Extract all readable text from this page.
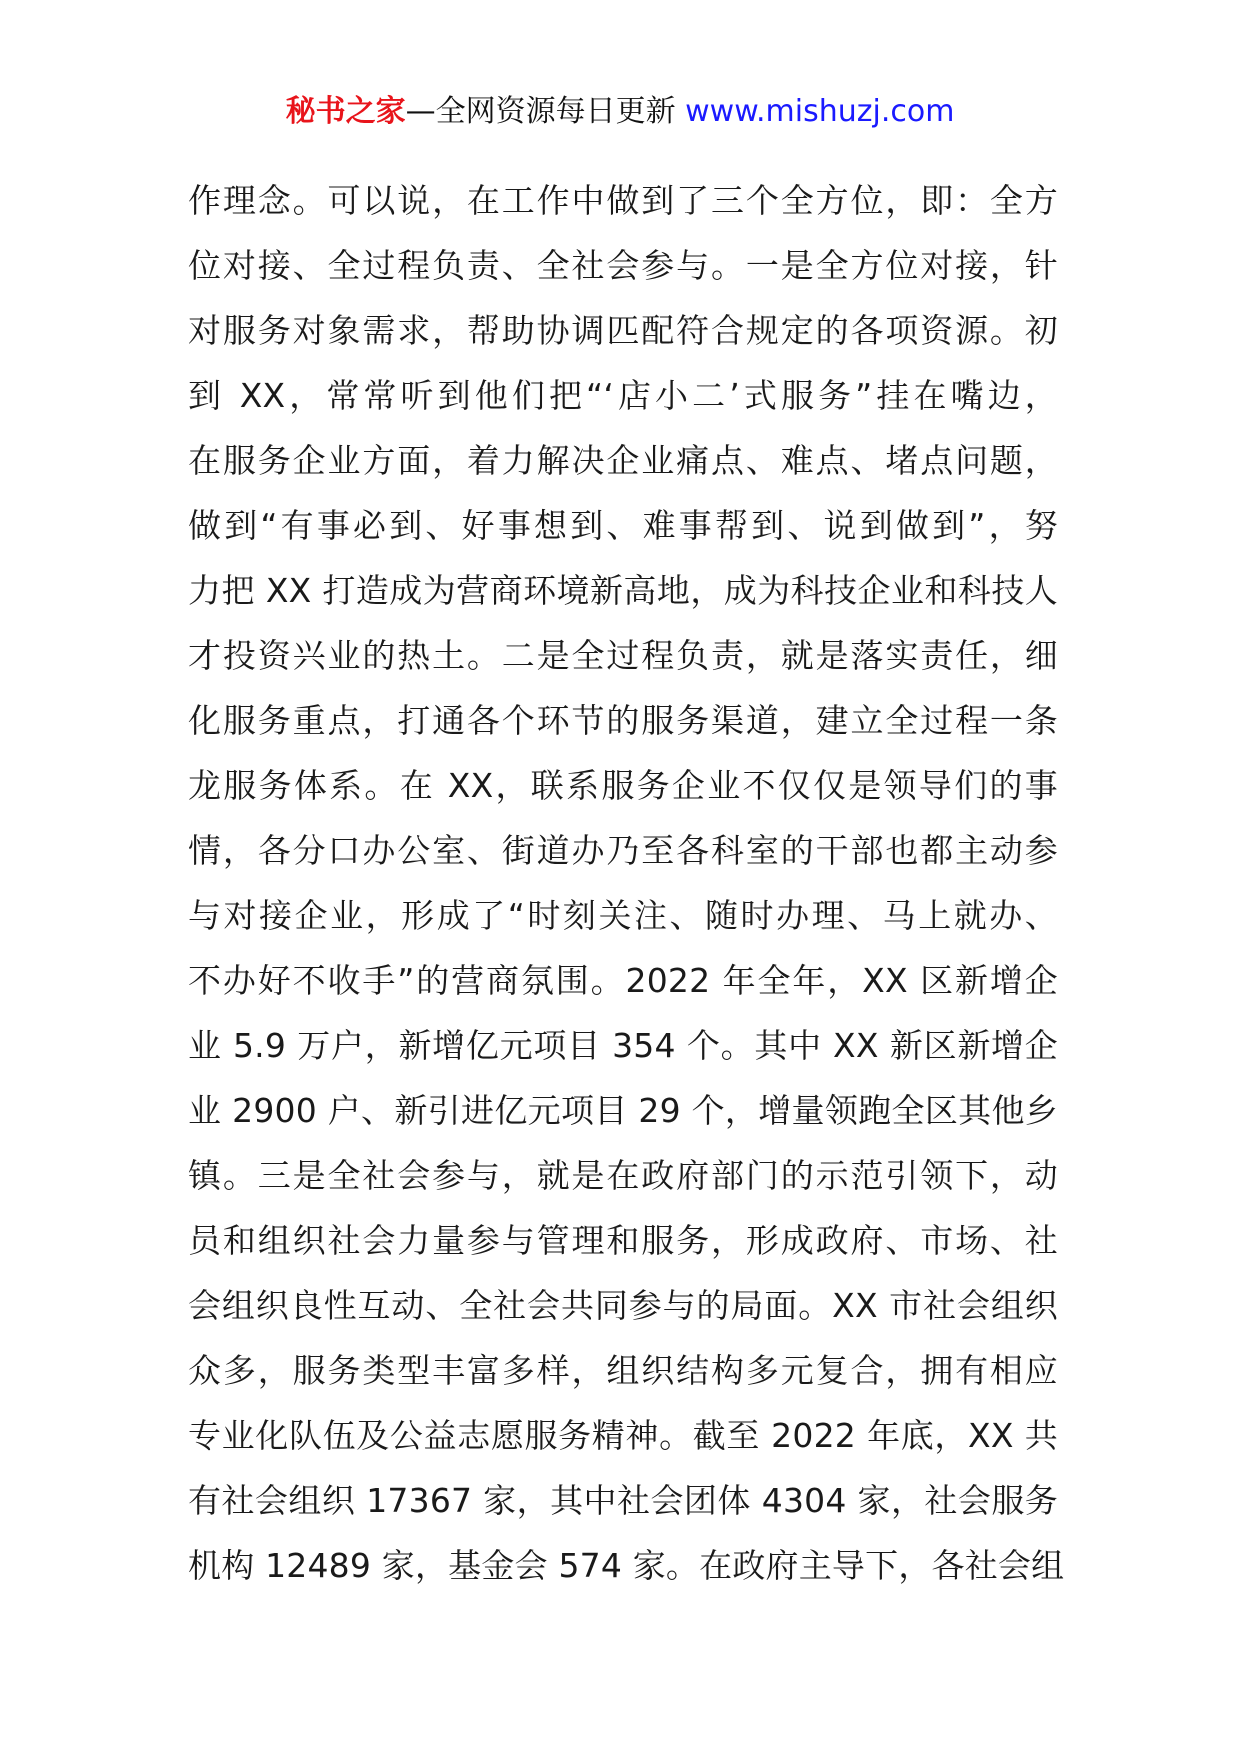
秘书之家—全网资源每日更新 www.mishuzj.com
作理念。可以说，在工作中做到了三个全方位，即：全方
位对接、全过程负责、全社会参与。一是全方位对接，针
对服务对象需求，帮助协调匹配符合规定的各项资源。初
到 XX，常常听到他们把“‘店小二’式服务”挂在嘴边，
在服务企业方面，着力解决企业痛点、难点、堵点问题，
做到“有事必到、好事想到、难事帮到、说到做到”，努
力把 XX 打造成为营商环境新高地，成为科技企业和科技人
才投资兴业的热土。二是全过程负责，就是落实责任，细
化服务重点，打通各个环节的服务渠道，建立全过程一条
龙服务体系。在 XX，联系服务企业不仅仅是领导们的事
情，各分口办公室、街道办乃至各科室的干部也都主动参
与对接企业，形成了“时刻关注、随时办理、马上就办、
不办好不收手”的营商氛围。2022 年全年，XX 区新增企
业 5.9 万户，新增亿元项目 354 个。其中 XX 新区新增企
业 2900 户、新引进亿元项目 29 个，增量领跑全区其他乡
镇。三是全社会参与，就是在政府部门的示范引领下，动
员和组织社会力量参与管理和服务，形成政府、市场、社
会组织良性互动、全社会共同参与的局面。XX 市社会组织
众多，服务类型丰富多样，组织结构多元复合，拥有相应
专业化队伍及公益志愿服务精神。截至 2022 年底，XX 共
有社会组织 17367 家，其中社会团体 4304 家，社会服务
机构 12489 家，基金会 574 家。在政府主导下，各社会组
